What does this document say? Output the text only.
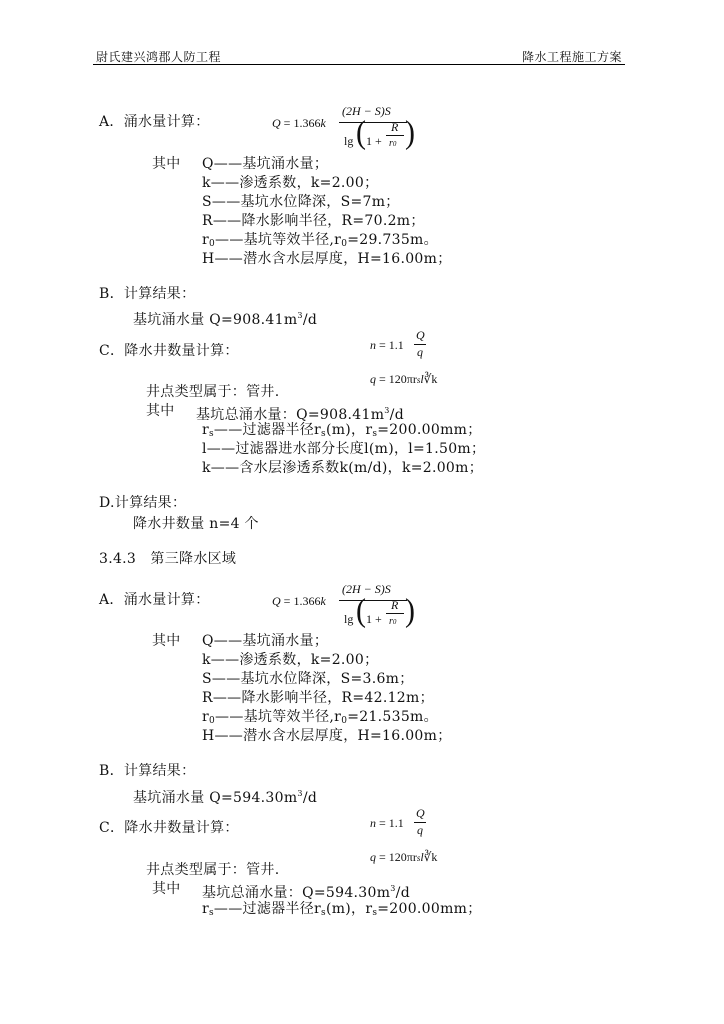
尉氏建兴鸿郡人防工程	降水工程施工方案
A．涌水量计算：	Q = 1.366k
(2H − S)S
lg ( 1 +
R
r0 )
其中 Q——基坑涌水量；
k——渗透系数，k=2.00；
S——基坑水位降深，S=7m；
R——降水影响半径，R=70.2m；
$r_0——$基坑等效半径$,r_0=29.735m$。
H——潜水含水层厚度，H=16.00m；
B．计算结果：
基坑涌水量 $Q=908.41m^3/d$
C．降水井数量计算：	n = 1.1
Q
q
q = 120πrsl∛k
井点类型属于：管井.
其中 基坑总涌水量：$Q=908.41m^3/d$
$r_s——$过滤器半径$r_s(m)$，$r_s=200.00mm$；
l——过滤器进水部分长度l(m)，l=1.50m；
k——含水层渗透系数k(m/d)，k=2.00m；
D.计算结果：
降水井数量 n=4 个
3.4.3　第三降水区域
A．涌水量计算：	Q = 1.366k
(2H − S)S
lg ( 1 +
R
r0 )
其中 Q——基坑涌水量；
k——渗透系数，k=2.00；
S——基坑水位降深，S=3.6m；
R——降水影响半径，R=42.12m；
$r_0——$基坑等效半径$,r_0=21.535m$。
H——潜水含水层厚度，H=16.00m；
B．计算结果：
基坑涌水量 $Q=594.30m^3/d$
C．降水井数量计算：	n = 1.1
Q
q
q = 120πrsl∛k
井点类型属于：管井.
其中 基坑总涌水量：$Q=594.30m^3/d$
$r_s——$过滤器半径$r_s(m)$，$r_s=200.00mm$；
